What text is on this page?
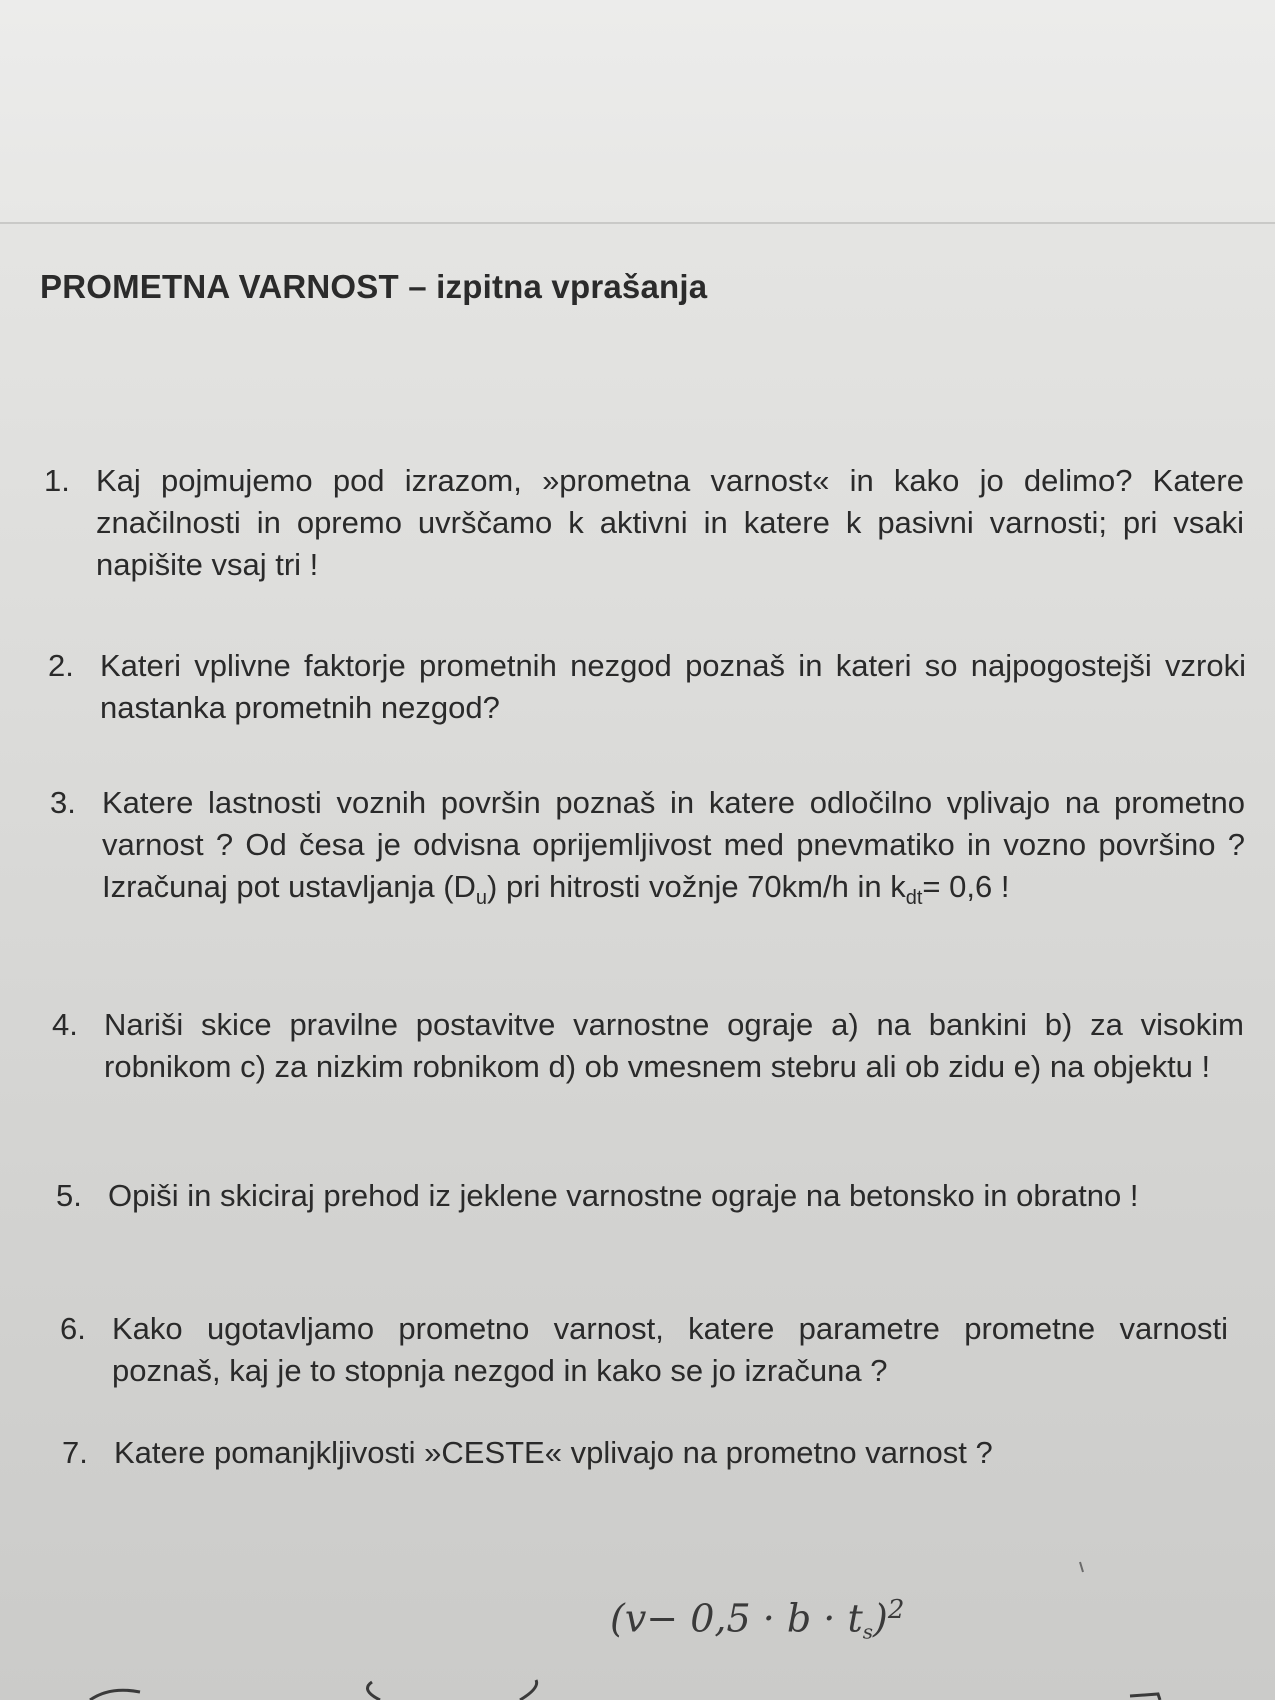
PROMETNA VARNOST – izpitna vprašanja
1. Kaj pojmujemo pod izrazom, »prometna varnost« in kako jo delimo? Katere značilnosti in opremo uvrščamo k aktivni in katere k pasivni varnosti; pri vsaki napišite vsaj tri !
2. Kateri vplivne faktorje prometnih nezgod poznaš in kateri so najpogostejši vzroki nastanka prometnih nezgod?
3. Katere lastnosti voznih površin poznaš in katere odločilno vplivajo na prometno varnost ? Od česa je odvisna oprijemljivost med pnevmatiko in vozno površino ? Izračunaj pot ustavljanja $(D_u)$ pri hitrosti vožnje 70km/h in $k_{dt}= 0,6$ !
4. Nariši skice pravilne postavitve varnostne ograje a) na bankini b) za visokim robnikom c) za nizkim robnikom d) ob vmesnem stebru ali ob zidu e) na objektu !
5. Opiši in skiciraj prehod iz jeklene varnostne ograje na betonsko in obratno !
6. Kako ugotavljamo prometno varnost, katere parametre prometne varnosti poznaš, kaj je to stopnja nezgod in kako se jo izračuna ?
7. Katere pomanjkljivosti »CESTE« vplivajo na prometno varnost ?
$(v- 0,5 \cdot b \cdot t_s)^2$
